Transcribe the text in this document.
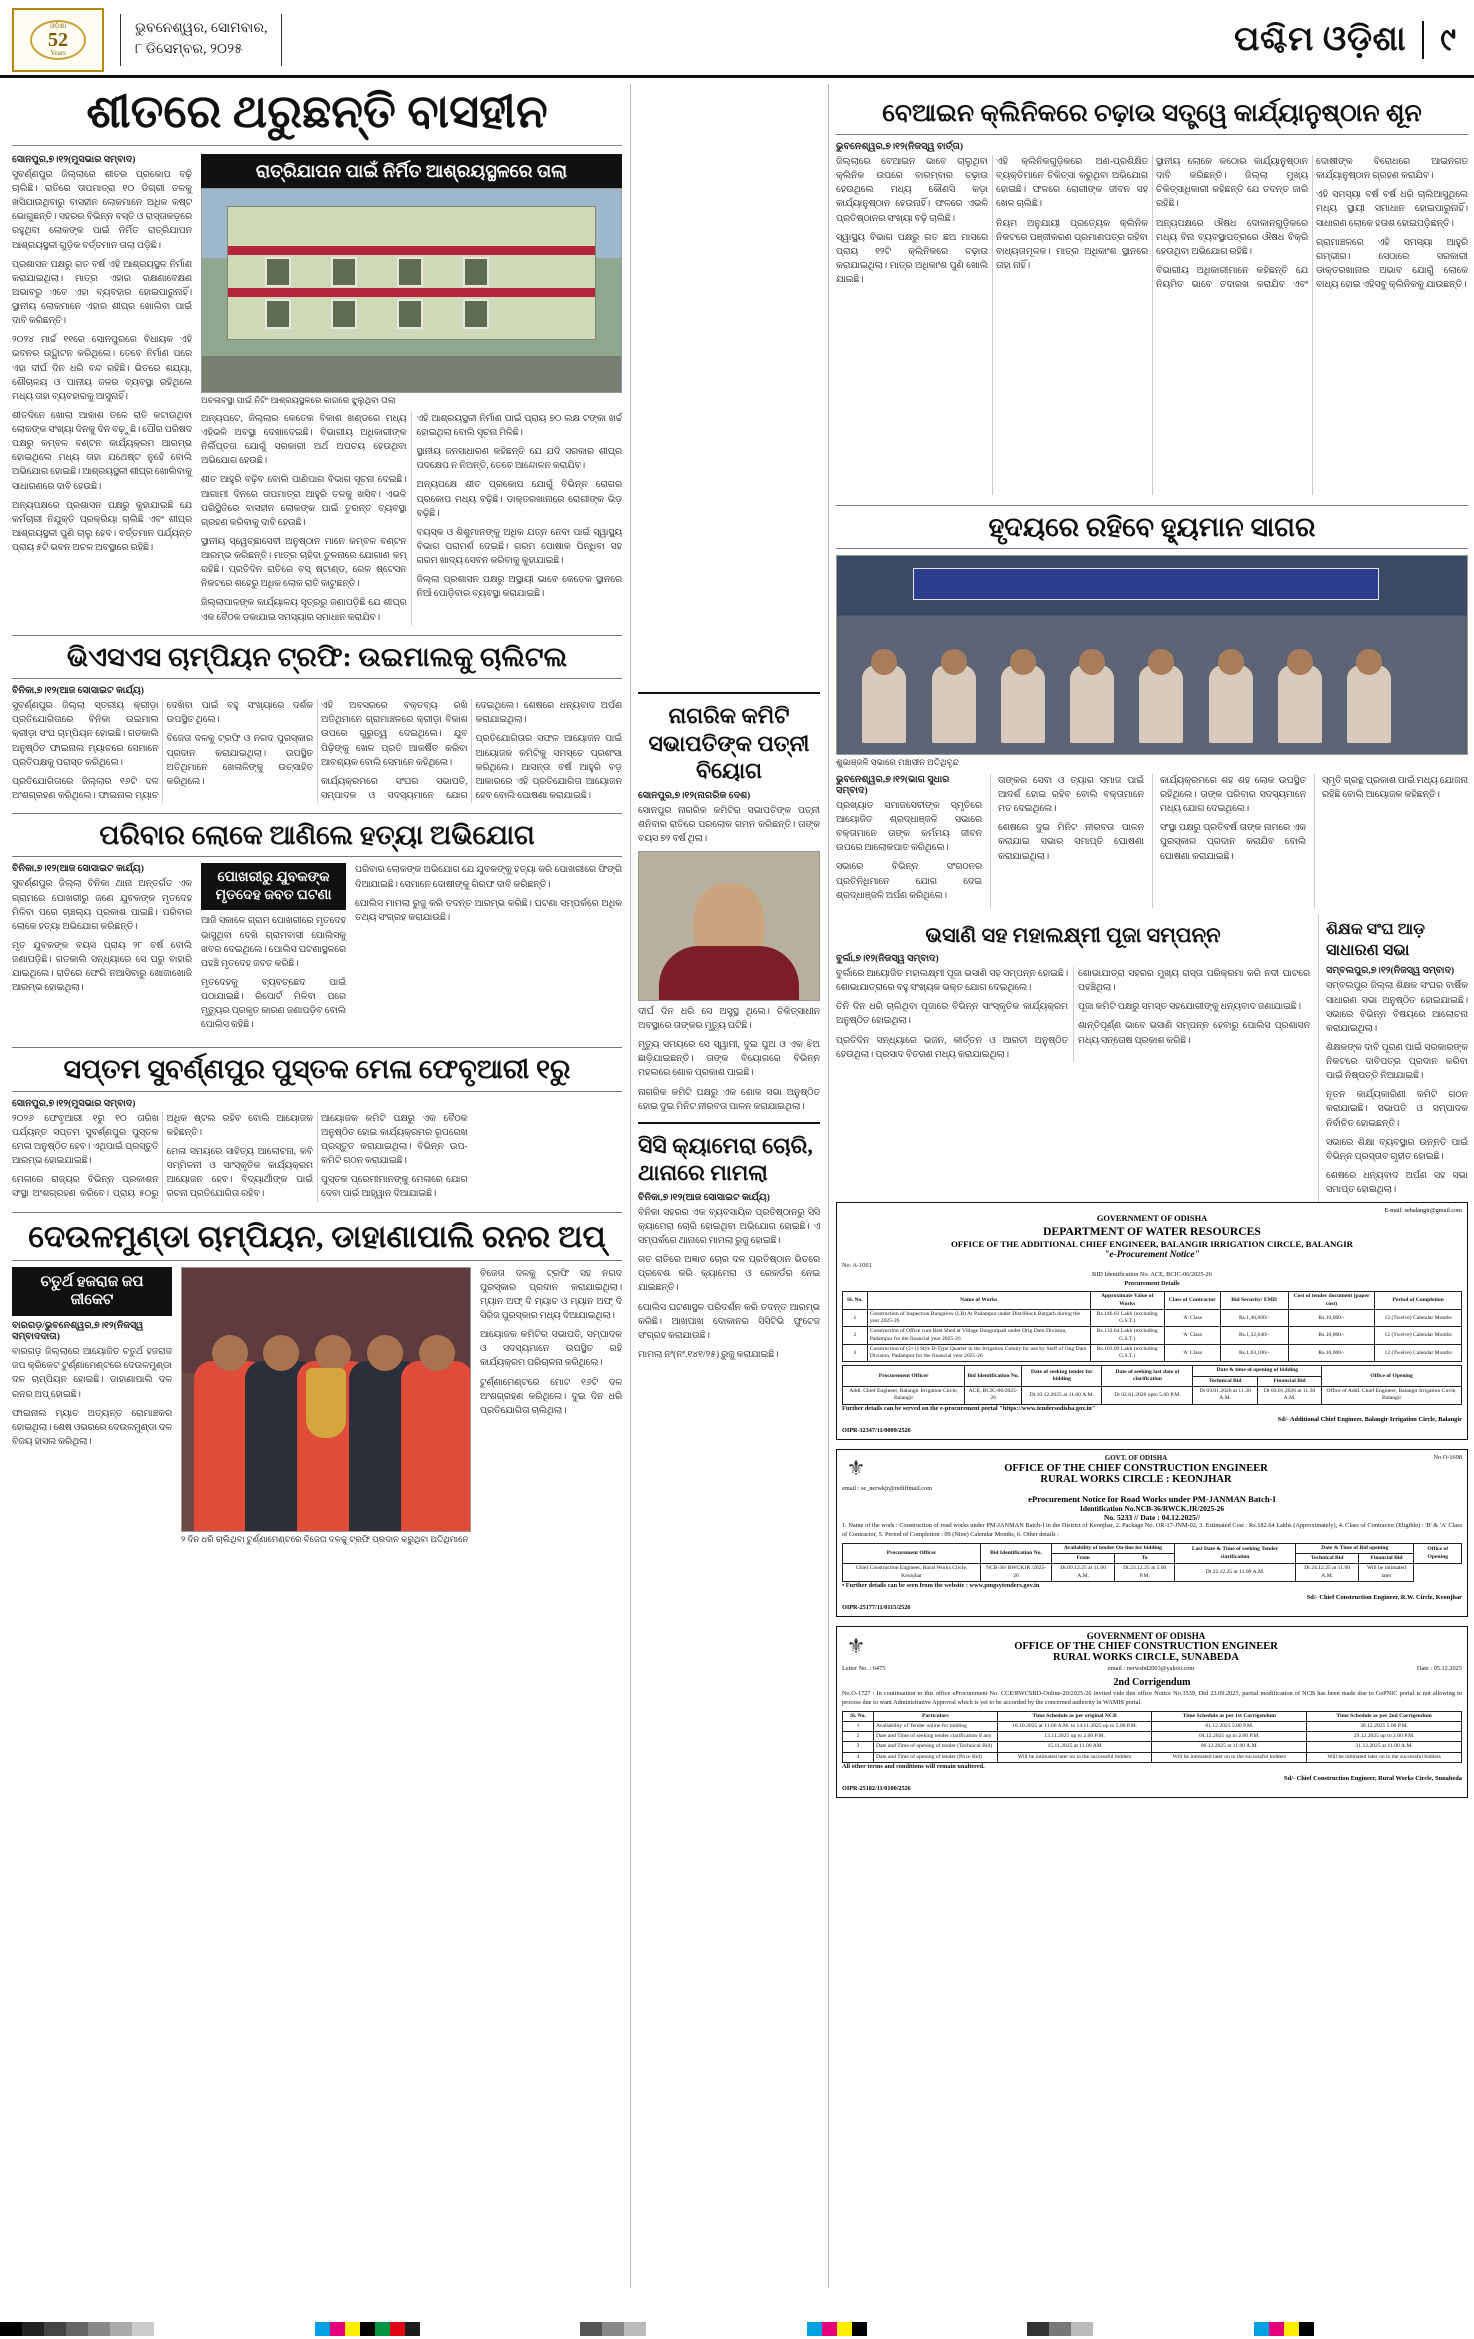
ଓଡ଼ିଶା
52
Years
ଭୁବନେଶ୍ୱର, ସୋମବାର,
୮ ଡିସେମ୍ବର, ୨୦୨୫	ପଶ୍ଚିମ ଓଡ଼ିଶା ୯
ଶୀତରେ ଥରୁଛନ୍ତି ବାସହୀନ
ସୋନପୁର,୭।୧୨(ମୁସଭାର ସମ୍ବାଦ)

ସୁବର୍ଣ୍ଣପୁର ଜିଲ୍ଲାରେ ଶୀତର ପ୍ରକୋପ ବଢ଼ି ଚାଲିଛି। ରାତିରେ ତାପମାତ୍ରା ୧୦ ଡିଗ୍ରୀ ତଳକୁ ଖସିଯାଉଥିବାରୁ ବାସହୀନ ଲୋକମାନେ ଅଧିକ କଷ୍ଟ ଭୋଗୁଛନ୍ତି। ସହରର ବିଭିନ୍ନ ବସ୍ତି ଓ ରାସ୍ତାକଡ଼ରେ ରହୁଥିବା ଲୋକଙ୍କ ପାଇଁ ନିର୍ମିତ ରାତ୍ରିଯାପନ ଆଶ୍ରୟସ୍ଥଳୀ ଗୁଡ଼ିକ ବର୍ତ୍ତମାନ ତାଲା ପଡ଼ିଛି।

ପ୍ରଶାସନ ପକ୍ଷରୁ ଗତ ବର୍ଷ ଏହି ଆଶ୍ରୟସ୍ଥଳ ନିର୍ମାଣ କରାଯାଇଥିଲା। ମାତ୍ର ଏହାର ରକ୍ଷଣାବେକ୍ଷଣ ଅଭାବରୁ ଏବେ ଏହା ବ୍ୟବହାର ହୋଇପାରୁନାହିଁ। ସ୍ଥାନୀୟ ଲୋକମାନେ ଏହାର ଶୀଘ୍ର ଖୋଲିବା ପାଇଁ ଦାବି କରିଛନ୍ତି।

୨୦୨୪ ମାର୍ଚ୍ଚ ୧୧ରେ ସୋନପୁରରେ ବିଧାୟକ ଏହି ଭବନର ଉଦ୍ଘାଟନ କରିଥିଲେ। ତେବେ ନିର୍ମାଣ ପରେ ଏହା ଦୀର୍ଘ ଦିନ ଧରି ବନ୍ଦ ରହିଛି। ଭିତରେ ଶଯ୍ୟା, ଶୌଚାଳୟ ଓ ପାନୀୟ ଜଳର ବ୍ୟବସ୍ଥା ରହିଥିଲେ ମଧ୍ୟ ତାହା ବ୍ୟବହାରକୁ ଆସୁନାହିଁ।

ଶୀତଦିନେ ଖୋଲା ଆକାଶ ତଳେ ରାତି କଟାଉଥିବା ଲୋକଙ୍କ ସଂଖ୍ୟା ଦିନକୁ ଦିନ ବଢ଼ୁଛି। ପୌର ପରିଷଦ ପକ୍ଷରୁ କମ୍ବଳ ବଣ୍ଟନ କାର୍ଯ୍ୟକ୍ରମ ଆରମ୍ଭ ହୋଇଥିଲେ ମଧ୍ୟ ତାହା ଯଥେଷ୍ଟ ନୁହେଁ ବୋଲି ଅଭିଯୋଗ ହୋଇଛି। ଆଶ୍ରୟସ୍ଥଳୀ ଶୀଘ୍ର ଖୋଲିବାକୁ ସାଧାରଣରେ ଦାବି ହେଉଛି।

ଅନ୍ୟପକ୍ଷରେ ପ୍ରଶାସନ ପକ୍ଷରୁ କୁହାଯାଇଛି ଯେ କର୍ମଚାରୀ ନିଯୁକ୍ତି ପ୍ରକ୍ରିୟା ଚାଲିଛି ଏବଂ ଶୀଘ୍ର ଆଶ୍ରୟସ୍ଥଳୀ ପୁଣି ଚାଲୁ ହେବ। ବର୍ତ୍ତମାନ ପର୍ଯ୍ୟନ୍ତ ପ୍ରାୟ ୫ଟି ଭବନ ଅଚଳ ଅବସ୍ଥାରେ ରହିଛି।

ରାତ୍ରିଯାପନ ପାଇଁ ନିର୍ମିତ ଆଶ୍ରୟସ୍ଥଳରେ ତାଲା
ଅଚଳାବସ୍ଥା ପାଇଁ ନିଟିଂ ଆଶ୍ରୟସ୍ଥଳରେ କାଗରେ ଝୁଲୁଥିବା ତାଲା

ଅନ୍ୟପଟେ, ଜିଲ୍ଲାର କେତେକ ବିକାଶ ଖଣ୍ଡରେ ମଧ୍ୟ ଏହିଭଳି ଅବସ୍ଥା ଦେଖାଦେଇଛି। ବିଭାଗୀୟ ଅଧିକାରୀଙ୍କ ନିର୍ଲିପ୍ତତା ଯୋଗୁଁ ସରକାରୀ ଅର୍ଥ ଅପଚୟ ହେଉଥିବା ଅଭିଯୋଗ ହେଉଛି।

ଶୀତ ଆହୁରି ବଢ଼ିବ ବୋଲି ପାଣିପାଗ ବିଭାଗ ସୂଚନା ଦେଇଛି। ଆଗାମୀ ଦିନରେ ତାପମାତ୍ରା ଆହୁରି ତଳକୁ ଖସିବ। ଏଭଳି ପରିସ୍ଥିତିରେ ବାସହୀନ ଲୋକଙ୍କ ପାଇଁ ତୁରନ୍ତ ବ୍ୟବସ୍ଥା ଗ୍ରହଣ କରିବାକୁ ଦାବି ହେଉଛି।

ସ୍ଥାନୀୟ ସ୍ୱେଚ୍ଛାସେବୀ ଅନୁଷ୍ଠାନ ମାନେ କମ୍ବଳ ବଣ୍ଟନ ଆରମ୍ଭ କରିଛନ୍ତି। ମାତ୍ର ଚାହିଦା ତୁଳନାରେ ଯୋଗାଣ କମ୍ ରହିଛି। ପ୍ରତିଦିନ ରାତିରେ ବସ୍ ଷ୍ଟାଣ୍ଡ, ରେଳ ଷ୍ଟେସନ ନିକଟରେ ଶହେରୁ ଅଧିକ ଲୋକ ରାତି କାଟୁଛନ୍ତି।

ଜିଲ୍ଲାପାଳଙ୍କ କାର୍ଯ୍ୟାଳୟ ସୂତ୍ରରୁ ଜଣାପଡ଼ିଛି ଯେ ଶୀଘ୍ର ଏକ ବୈଠକ ଡକାଯାଇ ସମସ୍ୟାର ସମାଧାନ କରାଯିବ।

ଏହି ଆଶ୍ରୟସ୍ଥଳୀ ନିର୍ମାଣ ପାଇଁ ପ୍ରାୟ ୭୦ ଲକ୍ଷ ଟଙ୍କା ଖର୍ଚ୍ଚ ହୋଇଥିଲା ବୋଲି ସୂଚନା ମିଳିଛି।

ସ୍ଥାନୀୟ ଜନସାଧାରଣ କହିଛନ୍ତି ଯେ ଯଦି ସରକାର ଶୀଘ୍ର ପଦକ୍ଷେପ ନ ନିଅନ୍ତି, ତେବେ ଆନ୍ଦୋଳନ କରାଯିବ।

ଅନ୍ୟପକ୍ଷେ ଶୀତ ପ୍ରକୋପ ଯୋଗୁଁ ବିଭିନ୍ନ ରୋଗର ପ୍ରକୋପ ମଧ୍ୟ ବଢ଼ିଛି। ଡାକ୍ତରଖାନାରେ ରୋଗୀଙ୍କ ଭିଡ଼ ବଢ଼ିଛି।

ବୟସ୍କ ଓ ଶିଶୁମାନଙ୍କୁ ଅଧିକ ଯତ୍ନ ନେବା ପାଇଁ ସ୍ୱାସ୍ଥ୍ୟ ବିଭାଗ ପରାମର୍ଶ ଦେଇଛି। ଗରମ ପୋଷାକ ପିନ୍ଧିବା ସହ ଗରମ ଖାଦ୍ୟ ସେବନ କରିବାକୁ କୁହାଯାଇଛି।

ଜିଲ୍ଲା ପ୍ରଶାସନ ପକ୍ଷରୁ ଅସ୍ଥାୟୀ ଭାବେ କେତେକ ସ୍ଥାନରେ ନିଆଁ ପୋଡ଼ିବାର ବ୍ୟବସ୍ଥା କରାଯାଇଛି।

ଭିଏସଏସ ଚାମ୍ପିୟନ ଟ୍ରଫି: ଉଇମାଲକୁ ଚାଲିଟଲ
ବିନିକା,୭।୧୨(ଆଜ ସୋସାଇଟ କାର୍ଯ୍ୟ)

ସୁବର୍ଣ୍ଣପୁର ଜିଲ୍ଲା ସ୍ତରୀୟ କ୍ରୀଡ଼ା ପ୍ରତିଯୋଗିତାରେ ବିନିକା ଉଇମାଲ କ୍ରୀଡ଼ା ସଂଘ ଚାମ୍ପିୟନ ହୋଇଛି। ଗତକାଲି ଅନୁଷ୍ଠିତ ଫାଇନାଲ ମ୍ୟାଚରେ ସେମାନେ ପ୍ରତିପକ୍ଷକୁ ପରାସ୍ତ କରିଥିଲେ।

ପ୍ରତିଯୋଗିତାରେ ଜିଲ୍ଲାର ୧୬ଟି ଦଳ ଅଂଶଗ୍ରହଣ କରିଥିଲେ। ଫାଇନାଲ ମ୍ୟାଚ ଦେଖିବା ପାଇଁ ବହୁ ସଂଖ୍ୟାରେ ଦର୍ଶକ ଉପସ୍ଥିତ ଥିଲେ।

ବିଜେତା ଦଳକୁ ଟ୍ରଫି ଓ ନଗଦ ପୁରସ୍କାର ପ୍ରଦାନ କରାଯାଇଥିଲା। ଉପସ୍ଥିତ ଅତିଥିମାନେ ଖେଳାଳିଙ୍କୁ ଉତ୍ସାହିତ କରିଥିଲେ।

ଏହି ଅବସରରେ ବକ୍ତବ୍ୟ ରଖି ଅତିଥିମାନେ ଗ୍ରାମାଞ୍ଚଳରେ କ୍ରୀଡ଼ା ବିକାଶ ଉପରେ ଗୁରୁତ୍ୱ ଦେଇଥିଲେ। ଯୁବ ପିଢ଼ିଙ୍କୁ ଖେଳ ପ୍ରତି ଆକର୍ଷିତ କରିବା ଆବଶ୍ୟକ ବୋଲି ସେମାନେ କହିଥିଲେ।

କାର୍ଯ୍ୟକ୍ରମରେ ସଂଘର ସଭାପତି, ସମ୍ପାଦକ ଓ ସଦସ୍ୟମାନେ ଯୋଗ ଦେଇଥିଲେ। ଶେଷରେ ଧନ୍ୟବାଦ ଅର୍ପଣ କରାଯାଇଥିଲା।

ପ୍ରତିଯୋଗିତାର ସଫଳ ଆୟୋଜନ ପାଇଁ ଆୟୋଜକ କମିଟିକୁ ସମସ୍ତେ ପ୍ରଶଂସା କରିଥିଲେ। ଆସନ୍ତା ବର୍ଷ ଆହୁରି ବଡ଼ ଆକାରରେ ଏହି ପ୍ରତିଯୋଗିତା ଆୟୋଜନ ହେବ ବୋଲି ଘୋଷଣା କରାଯାଇଛି।

ପରିବାର ଲୋକେ ଆଣିଲେ ହତ୍ୟା ଅଭିଯୋଗ
ବିନିକା,୭।୧୨(ଆଜ ସୋସାଇଟ କାର୍ଯ୍ୟ)

ସୁବର୍ଣ୍ଣପୁର ଜିଲ୍ଲା ବିନିକା ଥାନା ଅନ୍ତର୍ଗତ ଏକ ଗ୍ରାମରେ ପୋଖରୀରୁ ଜଣେ ଯୁବକଙ୍କ ମୃତଦେହ ମିଳିବା ପରେ ଚାଞ୍ଚଲ୍ୟ ପ୍ରକାଶ ପାଇଛି। ପରିବାର ଲୋକେ ହତ୍ୟା ଅଭିଯୋଗ କରିଛନ୍ତି।

ମୃତ ଯୁବକଙ୍କ ବୟସ ପ୍ରାୟ ୨୮ ବର୍ଷ ବୋଲି ଜଣାପଡ଼ିଛି। ଗତକାଲି ସନ୍ଧ୍ୟାରେ ସେ ଘରୁ ବାହାରି ଯାଇଥିଲେ। ରାତିରେ ଫେରି ନଆସିବାରୁ ଖୋଜାଖୋଜି ଆରମ୍ଭ ହୋଇଥିଲା।

ପୋଖରୀରୁ ଯୁବକଙ୍କ ମୃତଦେହ ଜବତ ଘଟଣା

ଆଜି ସକାଳେ ଗ୍ରାମ ପୋଖରୀରେ ମୃତଦେହ ଭାସୁଥିବା ଦେଖି ଗ୍ରାମବାସୀ ପୋଲିସକୁ ଖବର ଦେଇଥିଲେ। ପୋଲିସ ଘଟଣାସ୍ଥଳରେ ପହଞ୍ଚି ମୃତଦେହ ଜବତ କରିଛି।

ମୃତଦେହକୁ ବ୍ୟବଚ୍ଛେଦ ପାଇଁ ପଠାଯାଇଛି। ରିପୋର୍ଟ ମିଳିବା ପରେ ମୃତ୍ୟୁର ପ୍ରକୃତ କାରଣ ଜଣାପଡ଼ିବ ବୋଲି ପୋଲିସ କହିଛି।

ପରିବାର ଲୋକଙ୍କ ଅଭିଯୋଗ ଯେ ଯୁବକଙ୍କୁ ହତ୍ୟା କରି ପୋଖରୀରେ ଫିଙ୍ଗି ଦିଆଯାଇଛି। ସେମାନେ ଦୋଷୀଙ୍କୁ ଗିରଫ ଦାବି କରିଛନ୍ତି।

ପୋଲିସ ମାମଲା ରୁଜୁ କରି ତଦନ୍ତ ଆରମ୍ଭ କରିଛି। ଘଟଣା ସମ୍ପର୍କରେ ଅଧିକ ତଥ୍ୟ ସଂଗ୍ରହ କରାଯାଉଛି।

ସପ୍ତମ ସୁବର୍ଣ୍ଣପୁର ପୁସ୍ତକ ମେଳା ଫେବୃଆରୀ ୧ରୁ
ସୋନପୁର,୭।୧୨(ମୁସଭାର ସମ୍ବାଦ)

୨୦୨୬ ଫେବୃଆରୀ ୧ରୁ ୧୦ ତାରିଖ ପର୍ଯ୍ୟନ୍ତ ସପ୍ତମ ସୁବର୍ଣ୍ଣପୁର ପୁସ୍ତକ ମେଳା ଅନୁଷ୍ଠିତ ହେବ। ଏଥିପାଇଁ ପ୍ରସ୍ତୁତି ଆରମ୍ଭ ହୋଇଯାଇଛି।

ମେଳାରେ ରାଜ୍ୟର ବିଭିନ୍ନ ପ୍ରକାଶନ ସଂସ୍ଥା ଅଂଶଗ୍ରହଣ କରିବେ। ପ୍ରାୟ ୫୦ରୁ ଅଧିକ ଷ୍ଟଲ ରହିବ ବୋଲି ଆୟୋଜକ କହିଛନ୍ତି।

ମେଳା ସମୟରେ ସାହିତ୍ୟ ଆଲୋଚନା, କବି ସମ୍ମିଳନୀ ଓ ସାଂସ୍କୃତିକ କାର୍ଯ୍ୟକ୍ରମ ଆୟୋଜନ ହେବ। ବିଦ୍ୟାର୍ଥୀଙ୍କ ପାଇଁ ରଚନା ପ୍ରତିଯୋଗିତା ରହିବ।

ଆୟୋଜକ କମିଟି ପକ୍ଷରୁ ଏକ ବୈଠକ ଅନୁଷ୍ଠିତ ହୋଇ କାର୍ଯ୍ୟକ୍ରମର ରୂପରେଖ ପ୍ରସ୍ତୁତ କରାଯାଇଥିଲା। ବିଭିନ୍ନ ଉପ-କମିଟି ଗଠନ କରାଯାଇଛି।

ପୁସ୍ତକ ପ୍ରେମୀମାନଙ୍କୁ ମେଳାରେ ଯୋଗ ଦେବା ପାଇଁ ଆହ୍ୱାନ ଦିଆଯାଇଛି।

ଦେଉଳମୁଣ୍ଡା ଚାମ୍ପିୟନ, ଡାହାଣାପାଲି ରନର ଅପ୍
ଚତୁର୍ଥ ହଜରାଜ ଜପ ଜୀକେଟ
ବାରଗଡ଼/ଭୁବନେଶ୍ୱର,୭।୧୨(ନିଜସ୍ୱ ସମ୍ବାଦଦାତା)

ବାରଗଡ଼ ଜିଲ୍ଲାରେ ଆୟୋଜିତ ଚତୁର୍ଥ ହଜରାଜ ଜପ କ୍ରିକେଟ ଟୁର୍ଣ୍ଣାମେଣ୍ଟରେ ଦେଉଳମୁଣ୍ଡା ଦଳ ଚାମ୍ପିୟନ ହୋଇଛି। ଡାହାଣାପାଲି ଦଳ ରନର ଅପ୍ ହୋଇଛି।

ଫାଇନାଲ ମ୍ୟାଚ ଅତ୍ୟନ୍ତ ରୋମାଞ୍ଚକର ହୋଇଥିଲା। ଶେଷ ଓଭରରେ ଦେଉଳମୁଣ୍ଡା ଦଳ ବିଜୟ ହାସଲ କରିଥିଲା।

୨ ଦିନ ଧରି ଚାଲିଥିବା ଟୁର୍ଣ୍ଣାମେଣ୍ଟରେ ବିଜେତା ଦଳକୁ ଟ୍ରଫି ପ୍ରଦାନ କରୁଥିବା ଅତିଥିମାନେ

ବିଜେତା ଦଳକୁ ଟ୍ରଫି ସହ ନଗଦ ପୁରସ୍କାର ପ୍ରଦାନ କରାଯାଇଥିଲା। ମ୍ୟାନ ଅଫ୍ ଦି ମ୍ୟାଚ ଓ ମ୍ୟାନ ଅଫ୍ ଦି ସିରିଜ ପୁରସ୍କାର ମଧ୍ୟ ଦିଆଯାଇଥିଲା।

ଆୟୋଜକ କମିଟିର ସଭାପତି, ସମ୍ପାଦକ ଓ ସଦସ୍ୟମାନେ ଉପସ୍ଥିତ ରହି କାର୍ଯ୍ୟକ୍ରମ ପରିଚାଳନା କରିଥିଲେ।

ଟୁର୍ଣ୍ଣାମେଣ୍ଟରେ ମୋଟ ୧୬ଟି ଦଳ ଅଂଶଗ୍ରହଣ କରିଥିଲେ। ଦୁଇ ଦିନ ଧରି ପ୍ରତିଯୋଗିତା ଚାଲିଥିଲା।

ନାଗରିକ କମିଟି ସଭାପତିଙ୍କ ପତ୍ନୀ ବିୟୋଗ
ସୋନପୁର,୭।୧୨(ନାଗରିକ ଦେଶ)

ସୋନପୁର ନାଗରିକ କମିଟିର ସଭାପତିଙ୍କ ପତ୍ନୀ ଶନିବାର ରାତିରେ ପରଲୋକ ଗମନ କରିଛନ୍ତି। ତାଙ୍କ ବୟସ ୭୨ ବର୍ଷ ଥିଲା।

ଦୀର୍ଘ ଦିନ ଧରି ସେ ଅସୁସ୍ଥ ଥିଲେ। ଚିକିତ୍ସାଧୀନ ଅବସ୍ଥାରେ ତାଙ୍କର ମୃତ୍ୟୁ ଘଟିଛି।

ମୃତ୍ୟୁ ସମୟରେ ସେ ସ୍ୱାମୀ, ଦୁଇ ପୁଅ ଓ ଏକ ଝିଅ ଛାଡ଼ିଯାଇଛନ୍ତି। ତାଙ୍କ ବିୟୋଗରେ ବିଭିନ୍ନ ମହଲରେ ଶୋକ ପ୍ରକାଶ ପାଇଛି।

ନାଗରିକ କମିଟି ପକ୍ଷରୁ ଏକ ଶୋକ ସଭା ଅନୁଷ୍ଠିତ ହୋଇ ଦୁଇ ମିନିଟ ନୀରବତା ପାଳନ କରାଯାଇଥିଲା।

ସିସି କ୍ୟାମେରା ଚୋରି, ଥାନାରେ ମାମଲା
ବିନିକା,୭।୧୨(ଆଜ ସୋସାଇଟ କାର୍ଯ୍ୟ)

ବିନିକା ସହରର ଏକ ବ୍ୟବସାୟିକ ପ୍ରତିଷ୍ଠାନରୁ ସିସି କ୍ୟାମେରା ଚୋରି ହୋଇଥିବା ଅଭିଯୋଗ ହୋଇଛି। ଏ ସମ୍ପର୍କରେ ଥାନାରେ ମାମଲା ରୁଜୁ ହୋଇଛି।

ଗତ ରାତିରେ ଅଜ୍ଞାତ ଚୋର ଦଳ ପ୍ରତିଷ୍ଠାନ ଭିତରେ ପ୍ରବେଶ କରି କ୍ୟାମେରା ଓ ରେକର୍ଡର ନେଇ ଯାଇଛନ୍ତି।

ପୋଲିସ ଘଟଣାସ୍ଥଳ ପରିଦର୍ଶନ କରି ତଦନ୍ତ ଆରମ୍ଭ କରିଛି। ଆଖପାଖ ଦୋକାନର ସିସିଟିଭି ଫୁଟେଜ ସଂଗ୍ରହ କରାଯାଉଛି।

ମାମଲା ନଂ(ନଂ.୧୪୧/୨୫) ରୁଜୁ କରାଯାଇଛି।

ବେଆଇନ କ୍ଲିନିକରେ ଚଢ଼ାଉ ସତ୍ତ୍ୱେ କାର୍ଯ୍ୟାନୁଷ୍ଠାନ ଶୂନ
ଭୁବନେଶ୍ୱର,୭।୧୨(ନିଜସ୍ୱ ବାର୍ତ୍ତା)

ଜିଲ୍ଲାରେ ବେଆଇନ ଭାବେ ଚାଲୁଥିବା କ୍ଲିନିକ ଉପରେ ବାରମ୍ବାର ଚଢ଼ାଉ ହେଉଥିଲେ ମଧ୍ୟ କୌଣସି କଡ଼ା କାର୍ଯ୍ୟାନୁଷ୍ଠାନ ହେଉନାହିଁ। ଫଳରେ ଏଭଳି ପ୍ରତିଷ୍ଠାନର ସଂଖ୍ୟା ବଢ଼ି ଚାଲିଛି।

ସ୍ୱାସ୍ଥ୍ୟ ବିଭାଗ ପକ୍ଷରୁ ଗତ ଛଅ ମାସରେ ପ୍ରାୟ ୧୨ଟି କ୍ଲିନିକରେ ଚଢ଼ାଉ କରାଯାଇଥିଲା। ମାତ୍ର ଅଧିକାଂଶ ପୁଣି ଖୋଲି ଯାଇଛି।

ଏହି କ୍ଲିନିକଗୁଡ଼ିକରେ ଅଣ-ପ୍ରଶିକ୍ଷିତ ବ୍ୟକ୍ତିମାନେ ଚିକିତ୍ସା କରୁଥିବା ଅଭିଯୋଗ ହୋଇଛି। ଫଳରେ ରୋଗୀଙ୍କ ଜୀବନ ସହ ଖେଳ ଚାଲିଛି।

ନିୟମ ଅନୁଯାୟୀ ପ୍ରତ୍ୟେକ କ୍ଲିନିକ ନିକଟରେ ପଞ୍ଜୀକରଣ ପ୍ରମାଣପତ୍ର ରହିବା ବାଧ୍ୟତାମୂଳକ। ମାତ୍ର ଅଧିକାଂଶ ସ୍ଥାନରେ ତାହା ନାହିଁ।

ସ୍ଥାନୀୟ ଲୋକେ କଠୋର କାର୍ଯ୍ୟାନୁଷ୍ଠାନ ଦାବି କରିଛନ୍ତି। ଜିଲ୍ଲା ମୁଖ୍ୟ ଚିକିତ୍ସାଧିକାରୀ କହିଛନ୍ତି ଯେ ତଦନ୍ତ ଜାରି ରହିଛି।

ଅନ୍ୟପକ୍ଷରେ ଔଷଧ ଦୋକାନଗୁଡ଼ିକରେ ମଧ୍ୟ ବିନା ବ୍ୟବସ୍ଥାପତ୍ରରେ ଔଷଧ ବିକ୍ରି ହେଉଥିବା ଅଭିଯୋଗ ରହିଛି।

ବିଭାଗୀୟ ଅଧିକାରୀମାନେ କହିଛନ୍ତି ଯେ ନିୟମିତ ଭାବେ ତଦାରଖ କରାଯିବ ଏବଂ ଦୋଷୀଙ୍କ ବିରୋଧରେ ଆଇନଗତ କାର୍ଯ୍ୟାନୁଷ୍ଠାନ ଗ୍ରହଣ କରାଯିବ।

ଏହି ସମସ୍ୟା ବର୍ଷ ବର୍ଷ ଧରି ଚାଲିଆସୁଥିଲେ ମଧ୍ୟ ସ୍ଥାୟୀ ସମାଧାନ ହୋଇପାରୁନାହିଁ। ସାଧାରଣ ଲୋକେ ହତାଶ ହୋଇପଡ଼ିଛନ୍ତି।

ଗ୍ରାମାଞ୍ଚଳରେ ଏହି ସମସ୍ୟା ଆହୁରି ଗମ୍ଭୀର। ସେଠାରେ ସରକାରୀ ଡାକ୍ତରଖାନାର ଅଭାବ ଯୋଗୁଁ ଲୋକେ ବାଧ୍ୟ ହୋଇ ଏହିସବୁ କ୍ଲିନିକକୁ ଯାଉଛନ୍ତି।

ହୃଦୟରେ ରହିବେ ହ୍ୟୁମାନ ସାଗର
ଶୁଭାଞ୍ଜଳି ସଭାରେ ମଞ୍ଚାସୀନ ଅତିଥିବୃନ୍ଦ
ଭୁବନେଶ୍ୱର,୭।୧୨(ଭାଗ ସୁଧାର ସମ୍ବାଦ)

ପ୍ରଖ୍ୟାତ ସମାଜସେବୀଙ୍କ ସ୍ମୃତିରେ ଆୟୋଜିତ ଶ୍ରଦ୍ଧାଞ୍ଜଳି ସଭାରେ ବକ୍ତାମାନେ ତାଙ୍କ କର୍ମମୟ ଜୀବନ ଉପରେ ଆଲୋକପାତ କରିଥିଲେ।

ସଭାରେ ବିଭିନ୍ନ ସଂଗଠନର ପ୍ରତିନିଧିମାନେ ଯୋଗ ଦେଇ ଶ୍ରଦ୍ଧାଞ୍ଜଳି ଅର୍ପଣ କରିଥିଲେ।

ତାଙ୍କର ସେବା ଓ ତ୍ୟାଗ ସମାଜ ପାଇଁ ଆଦର୍ଶ ହୋଇ ରହିବ ବୋଲି ବକ୍ତାମାନେ ମତ ଦେଇଥିଲେ।

ଶେଷରେ ଦୁଇ ମିନିଟ ନୀରବତା ପାଳନ କରାଯାଇ ସଭାର ସମାପ୍ତି ଘୋଷଣା କରାଯାଇଥିଲା।

କାର୍ଯ୍ୟକ୍ରମରେ ଶହ ଶହ ଲୋକ ଉପସ୍ଥିତ ରହିଥିଲେ। ତାଙ୍କ ପରିବାର ସଦସ୍ୟମାନେ ମଧ୍ୟ ଯୋଗ ଦେଇଥିଲେ।

ସଂସ୍ଥା ପକ୍ଷରୁ ପ୍ରତିବର୍ଷ ତାଙ୍କ ନାମରେ ଏକ ପୁରସ୍କାର ପ୍ରଦାନ କରାଯିବ ବୋଲି ଘୋଷଣା କରାଯାଇଛି।

ସ୍ମୃତି ଗ୍ରନ୍ଥ ପ୍ରକାଶ ପାଇଁ ମଧ୍ୟ ଯୋଜନା ରହିଛି ବୋଲି ଆୟୋଜକ କହିଛନ୍ତି।

ଭସାଣି ସହ ମହାଲକ୍ଷ୍ମୀ ପୂଜା ସମ୍ପନ୍ନ
ବୁର୍ଲା,୭।୧୨(ନିଜସ୍ୱ ସମ୍ବାଦ)

ବୁର୍ଲାରେ ଆୟୋଜିତ ମହାଲକ୍ଷ୍ମୀ ପୂଜା ଭସାଣି ସହ ସମ୍ପନ୍ନ ହୋଇଛି। ଶୋଭାଯାତ୍ରାରେ ବହୁ ସଂଖ୍ୟକ ଭକ୍ତ ଯୋଗ ଦେଇଥିଲେ।

ତିନି ଦିନ ଧରି ଚାଲିଥିବା ପୂଜାରେ ବିଭିନ୍ନ ସାଂସ୍କୃତିକ କାର୍ଯ୍ୟକ୍ରମ ଅନୁଷ୍ଠିତ ହୋଇଥିଲା।

ପ୍ରତିଦିନ ସନ୍ଧ୍ୟାରେ ଭଜନ, କୀର୍ତ୍ତନ ଓ ଆରତୀ ଅନୁଷ୍ଠିତ ହେଉଥିଲା। ପ୍ରସାଦ ବିତରଣ ମଧ୍ୟ କରାଯାଇଥିଲା।

ଶୋଭାଯାତ୍ରା ସହରର ମୁଖ୍ୟ ରାସ୍ତା ପରିକ୍ରମା କରି ନଦୀ ଘାଟରେ ପହଞ୍ଚିଥିଲା।

ପୂଜା କମିଟି ପକ୍ଷରୁ ସମସ୍ତ ସହଯୋଗୀଙ୍କୁ ଧନ୍ୟବାଦ ଜଣାଯାଇଛି।

ଶାନ୍ତିପୂର୍ଣ୍ଣ ଭାବେ ଭସାଣି ସମ୍ପନ୍ନ ହେବାରୁ ପୋଲିସ ପ୍ରଶାସନ ମଧ୍ୟ ସନ୍ତୋଷ ପ୍ରକାଶ କରିଛି।

ଶିକ୍ଷକ ସଂଘ ଆଡ଼ ସାଧାରଣ ସଭା
ସମ୍ବଲପୁର,୭।୧୨(ନିଜସ୍ୱ ସମ୍ବାଦ)

ସମ୍ବଲପୁର ଜିଲ୍ଲା ଶିକ୍ଷକ ସଂଘର ବାର୍ଷିକ ସାଧାରଣ ସଭା ଅନୁଷ୍ଠିତ ହୋଇଯାଇଛି। ସଭାରେ ବିଭିନ୍ନ ବିଷୟରେ ଆଲୋଚନା କରାଯାଇଥିଲା।

ଶିକ୍ଷକଙ୍କ ଦାବି ପୂରଣ ପାଇଁ ସରକାରଙ୍କ ନିକଟରେ ଦାବିପତ୍ର ପ୍ରଦାନ କରିବା ପାଇଁ ନିଷ୍ପତ୍ତି ନିଆଯାଇଛି।

ନୂତନ କାର୍ଯ୍ୟକାରିଣୀ କମିଟି ଗଠନ କରାଯାଇଛି। ସଭାପତି ଓ ସମ୍ପାଦକ ନିର୍ବାଚିତ ହୋଇଛନ୍ତି।

ସଭାରେ ଶିକ୍ଷା ବ୍ୟବସ୍ଥାର ଉନ୍ନତି ପାଇଁ ବିଭିନ୍ନ ପ୍ରସ୍ତାବ ଗୃହୀତ ହୋଇଛି।

ଶେଷରେ ଧନ୍ୟବାଦ ଅର୍ପଣ ସହ ସଭା ସମାପ୍ତ ହୋଇଥିଲା।

E-mail: sebalangir@gmail.com
GOVERNMENT OF ODISHA
DEPARTMENT OF WATER RESOURCES
OFFICE OF THE ADDITIONAL CHIEF ENGINEER, BALANGIR IRRIGATION CIRCLE, BALANGIR
"e-Procurement Notice"
No. A-1061
BID Identification No. ACE, BCIC-06/2025-26
Procurement Details
Sl. No.	Name of Works	Approximate Value of Works	Class of Contractor	Bid Security/ EMD	Cost of tender document (paper cost)	Period of Completion
1	Construction of Inspection Bungalow (I.B) At Padampur under Dist/Block Bargarh during the year 2025-26	Rs.146.63 Lakh (excluding G.S.T.)	'A' Class	Rs.1,46,600/-	Rs.10,000/-	12 (Twelve) Calendar Months
2	Construction of Office cum Rest Shed at Village Dunguripali under Orig Dam Division, Padampur for the financial year 2025-26	Rs.132.64 Lakh (excluding G.S.T.)	'A' Class	Rs.1,32,640/-	Rs.10,000/-	12 (Twelve) Calendar Months
3	Construction of (2+1) Stye D-Type Quarter in the Irrigation Colony for use by Staff of Ong Dam Division, Padampur for the financial year 2025-26	Rs.163.09 Lakh (excluding G.S.T.)	'A' Class	Rs.1,63,100/-	Rs.10,000/-	12 (Twelve) Calendar Months
Procurement Officer	Bid Identification No.	Date of seeking tender for bidding	Date of seeking last date of clarification	Date & time of opening of bidding		Office of Opening
				Technical Bid	Financial Bid	
Addl. Chief Engineer, Balangir Irrigation Circle, Balangir	ACE, BCIC-06/2025-26	Dt.10.12.2025 at 11.00 A.M.	Dt 02.01.2026 upto 5.00 P.M.	Dt 03.01.2026 at 11.30 A.M.	Dt 03.01.2026 at 11.30 A.M.	Office of Addl. Chief Engineer, Balangir Irrigation Circle, Balangir
Further details can be served on the e-procurement portal "https://www.tendersodisha.gov.in"
Sd/- Additional Chief Engineer, Balangir Irrigation Circle, Balangir
OIPR-32347/11/0009/2526
⚜	GOVT. OF ODISHA
OFFICE OF THE CHIEF CONSTRUCTION ENGINEER
RURAL WORKS CIRCLE : KEONJHAR
No.O-1698
email : se_nerwkjr@rediffmail.com
eProcurement Notice for Road Works under PM-JANMAN Batch-I
Identification No.NCB-36/RWCK.JR/2025-26
No. 5233 // Date : 04.12.2025//
1. Name of the work : Construction of road works under PM-JANMAN Batch-I in the District of Keonjhar, 2. Package No. OR-17-JNM-02, 3. Estimated Cost : Rs.182.64 Lakhs (Approximately), 4. Class of Contractor (Eligible) : 'B' & 'A' Class of Contractor, 5. Period of Completion : 09 (Nine) Calendar Months, 6. Other details :
Procurement Officer	Bid Identification No.	Availability of tender On-line for bidding		Last Date & Time of seeking Tender clarification	Date & Time of Bid opening		Office of Opening
		From	To		Technical Bid	Financial Bid	
Chief Construction Engineer, Rural Works Circle, Keonjhar	NCB-36/ RWCKJR /2025-26	Dt.09.12.25 at 11.00 A.M.	Dt.23.12.25 at 5.00 P.M.	Dt 22.12.25 at 11.00 A.M.	Dt 24.12.25 at 11.00 A.M.	Will be intimated later	
• Further details can be seen from the website : www.pmgsytenders.gov.in
Sd/- Chief Construction Engineer, R.W. Circle, Keonjhar
OIPR-25177/11/0115/2526
⚜	GOVERNMENT OF ODISHA
OFFICE OF THE CHIEF CONSTRUCTION ENGINEER
RURAL WORKS CIRCLE, SUNABEDA
Letter No. : 6475	email : nerwsbd2003@yahoo.com	Date : 05.12.2025
2nd Corrigendum
No.O-1727 : In continuation to this office eProcurement No. CCE/RWCSBD-Online-20/2025-26 invited vide this office Notice No.3539, Dtd 23.09.2025, partial modification of NCB has been made due to GePNIC portal is not allowing to process due to want Administrative Approval which is yet to be accorded by the concerned authority in WAMIS portal.
Sl. No.	Particulars	Time Schedule as per original NCB	Time Schedule as per 1st Corrigendum	Time Schedule as per 2nd Corrigendum
1	Availability of Tender online for bidding	16.10.2025 at 11.00 A.M. to 14.11.2025 up to 5.00 P.M.	01.12.2025 5.00 P.M.	30.12.2025 5.00 P.M.
2	Date and Time of seeking tender clarification if any	13.11.2025 up to 2.00 P.M.	04.12.2025 up to 2.00 P.M.	29.12.2025 up to 2.00 P.M.
3	Date and Time of opening of tender (Technical Bid)	15.11.2025 at 11.00 AM	06.12.2025 at 11.00 A.M.	31.12.2025 at 11.00 A.M.
4	Date and Time of opening of tender (Price Bid)	Will be intimated later on to the successful bidders	Will be intimated later on to the successful bidders	Will be intimated later on to the successful bidders
All other terms and conditions will remain unaltered.
Sd/- Chief Construction Engineer, Rural Works Circle, Sunabeda
OIPR-25182/11/0100/2526
